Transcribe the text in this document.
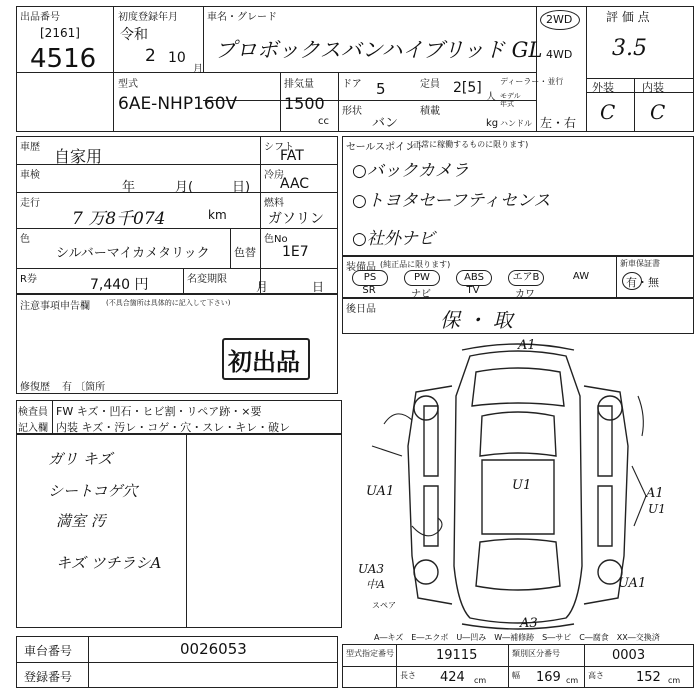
出品番号
[2161]
4516
初度登録年月
令和
2 10
月
車名・グレード
プロボックスバンハイブリッド GL
2WD
4WD
評 価 点
3.5
外装	内装
C C
型式
6AE-NHP160V
排気量
1500
cc
ドア 5	定員 2[5]
人
ディーラー・並行
モデル年式
形状
バン
積載
kg ハンドル 左・右
車歴 自家用
車検
年	月(	日)
走行
7 万8千074	km
色
シルバーマイカメタリック 色替
R券	7,440 円	名変期限
月	日
シフト
FAT
冷房
AAC
燃料
ガソリン
色No
1E7
注意事項申告欄 (不具合箇所は具体的に記入して下さい)
初出品
修復歴 有 〔箇所
セールスポイント
(正常に稼働するものに限ります)
○バックカメラ
○トヨタセーフティセンス
○社外ナビ
装備品 (純正品に限ります)
PS	PW	ABS	エアB	AW
SR	ナビ	TV	カワ
新車保証書
有・無
後日品	保 ・ 取
検査員
記入欄
FW キズ・凹石・ヒビ割・リペア跡・×要
内装 キズ・汚レ・コゲ・穴・スレ・キレ・破レ
ガリ キズ
シートコゲ穴
満室 汚
キズ ツチラシA
A1
U1
UA1	A1
U1
UA3
中A
A3
UA1
スペア
A―キズ　E―エクボ　U―凹み　W―補修跡　S―サビ　C―腐食　XX―交換済
車台番号	0026053
登録番号
型式指定番号	19115	類別区分番号	0003
長さ 424 cm
幅 169 cm
高さ 152 cm
